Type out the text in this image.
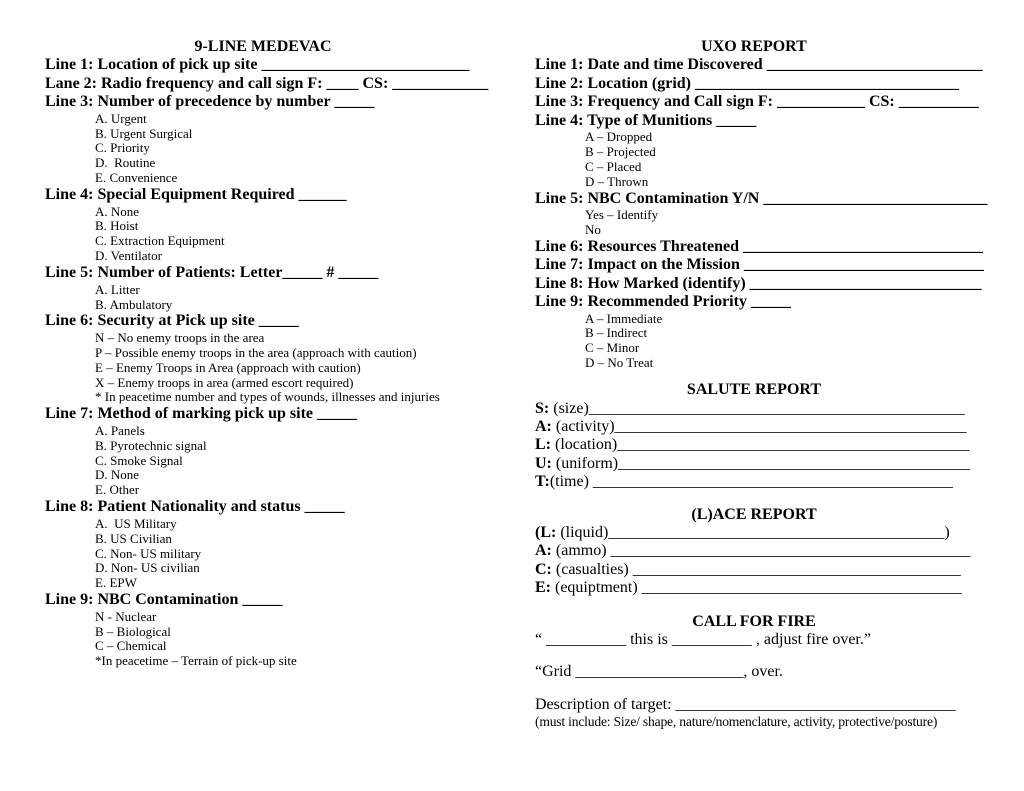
9-LINE MEDEVAC
Line 1: Location of pick up site __________________________
Lane 2: Radio frequency and call sign F: ____ CS: ____________
Line 3: Number of precedence by number _____
A. Urgent
B. Urgent Surgical
C. Priority
D.  Routine
E. Convenience
Line 4: Special Equipment Required ______
A. None
B. Hoist
C. Extraction Equipment
D. Ventilator
Line 5: Number of Patients: Letter_____ # _____
A. Litter
B. Ambulatory
Line 6: Security at Pick up site _____
N – No enemy troops in the area
P – Possible enemy troops in the area (approach with caution)
E – Enemy Troops in Area (approach with caution)
X – Enemy troops in area (armed escort required)
* In peacetime number and types of wounds, illnesses and injuries
Line 7: Method of marking pick up site _____
A. Panels
B. Pyrotechnic signal
C. Smoke Signal
D. None
E. Other
Line 8: Patient Nationality and status _____
A.  US Military
B. US Civilian
C. Non- US military
D. Non- US civilian
E. EPW
Line 9: NBC Contamination _____
N - Nuclear
B – Biological
C – Chemical
*In peacetime – Terrain of pick-up site
UXO REPORT
Line 1: Date and time Discovered ___________________________
Line 2: Location (grid) _________________________________
Line 3: Frequency and Call sign F: ___________ CS: __________
Line 4: Type of Munitions _____
A – Dropped
B – Projected
C – Placed
D – Thrown
Line 5: NBC Contamination Y/N ____________________________
Yes – Identify
No
Line 6: Resources Threatened ______________________________
Line 7: Impact on the Mission ______________________________
Line 8: How Marked (identify) _____________________________
Line 9: Recommended Priority _____
A – Immediate
B – Indirect
C – Minor
D – No Treat
SALUTE REPORT
S: (size)_______________________________________________
A: (activity)____________________________________________
L: (location)____________________________________________
U: (uniform)____________________________________________
T:(time) _____________________________________________
(L)ACE REPORT
(L: (liquid)__________________________________________)
A: (ammo) _____________________________________________
C: (casualties) _________________________________________
E: (equiptment) ________________________________________
CALL FOR FIRE
“ __________ this is __________ , adjust fire over.”
“Grid _____________________, over.
Description of target: ___________________________________
(must include: Size/ shape, nature/nomenclature, activity, protective/posture)
